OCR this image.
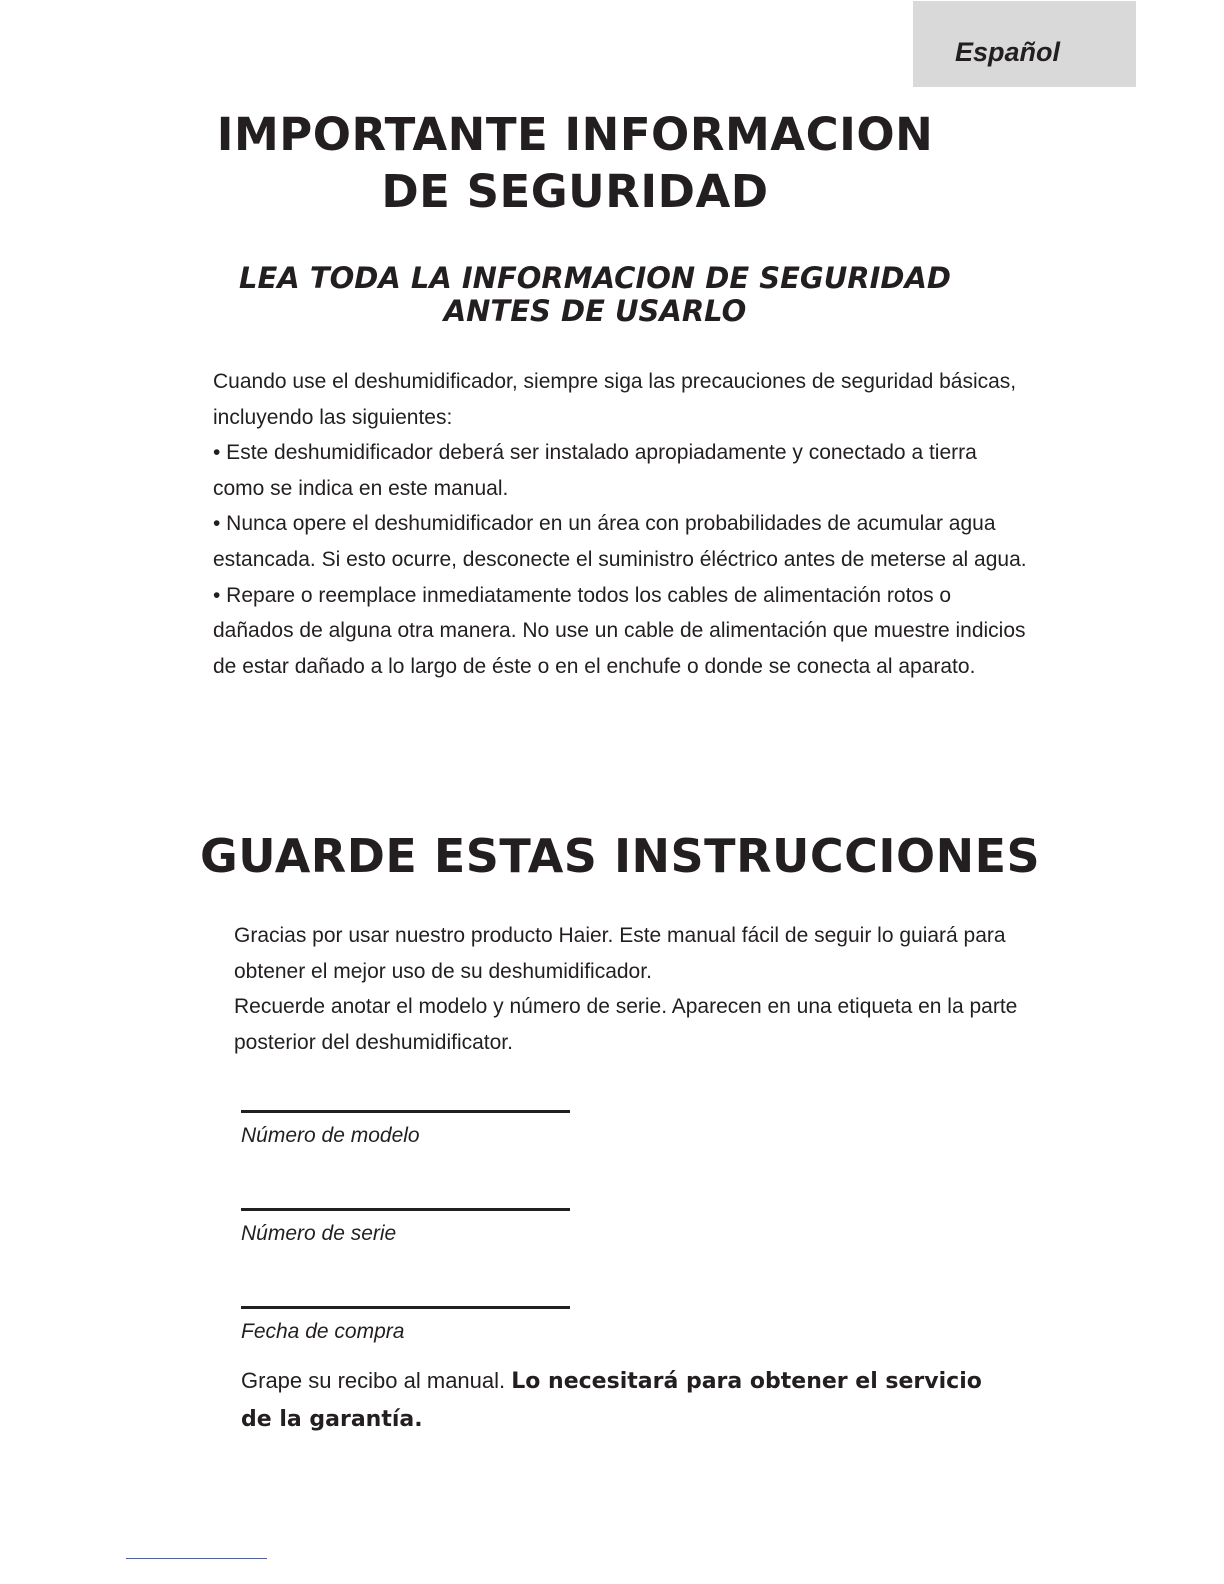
Español
IMPORTANTE INFORMACION
DE SEGURIDAD
LEA TODA LA INFORMACION DE SEGURIDAD
ANTES DE USARLO

Cuando use el deshumidificador, siempre siga las precauciones de seguridad básicas, incluyendo las siguientes:

• Este deshumidificador deberá ser instalado apropiadamente y conectado a tierra como se indica en este manual.

• Nunca opere el deshumidificador en un área con probabilidades de acumular agua estancada. Si esto ocurre, desconecte el suministro éléctrico antes de meterse al agua.

• Repare o reemplace inmediatamente todos los cables de alimentación rotos o dañados de alguna otra manera. No use un cable de alimentación que muestre indicios de estar dañado a lo largo de éste o en el enchufe o donde se conecta al aparato.

GUARDE ESTAS INSTRUCCIONES

Gracias por usar nuestro producto Haier. Este manual fácil de seguir lo guiará para obtener el mejor uso de su deshumidificador.

Recuerde anotar el modelo y número de serie. Aparecen en una etiqueta en la parte posterior del deshumidificator.

Número de modelo
Número de serie
Fecha de compra
Grape su recibo al manual. Lo necesitará para obtener el servicio de la garantía.
